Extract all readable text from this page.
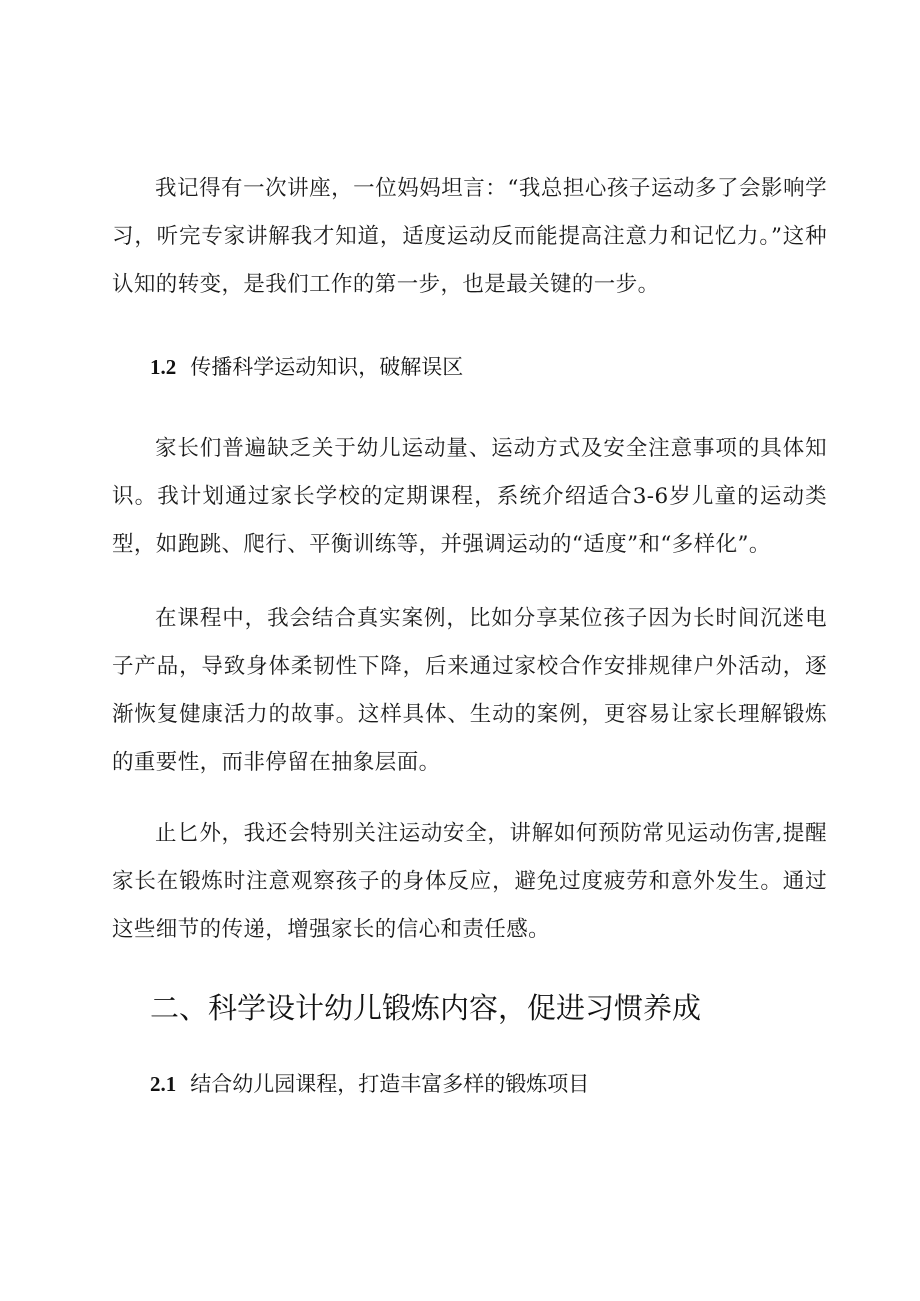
我记得有一次讲座，一位妈妈坦言：“我总担心孩子运动多了会影响学习，听完专家讲解我才知道，适度运动反而能提高注意力和记忆力。”这种认知的转变，是我们工作的第一步，也是最关键的一步。

1.2 传播科学运动知识，破解误区

家长们普遍缺乏关于幼儿运动量、运动方式及安全注意事项的具体知识。我计划通过家长学校的定期课程，系统介绍适合3-6岁儿童的运动类型，如跑跳、爬行、平衡训练等，并强调运动的“适度”和“多样化”。

在课程中，我会结合真实案例，比如分享某位孩子因为长时间沉迷电子产品，导致身体柔韧性下降，后来通过家校合作安排规律户外活动，逐渐恢复健康活力的故事。这样具体、生动的案例，更容易让家长理解锻炼的重要性，而非停留在抽象层面。

止匕外，我还会特别关注运动安全，讲解如何预防常见运动伤害,提醒家长在锻炼时注意观察孩子的身体反应，避免过度疲劳和意外发生。通过这些细节的传递，增强家长的信心和责任感。

二、科学设计幼儿锻炼内容，促进习惯养成
2.1 结合幼儿园课程，打造丰富多样的锻炼项目
